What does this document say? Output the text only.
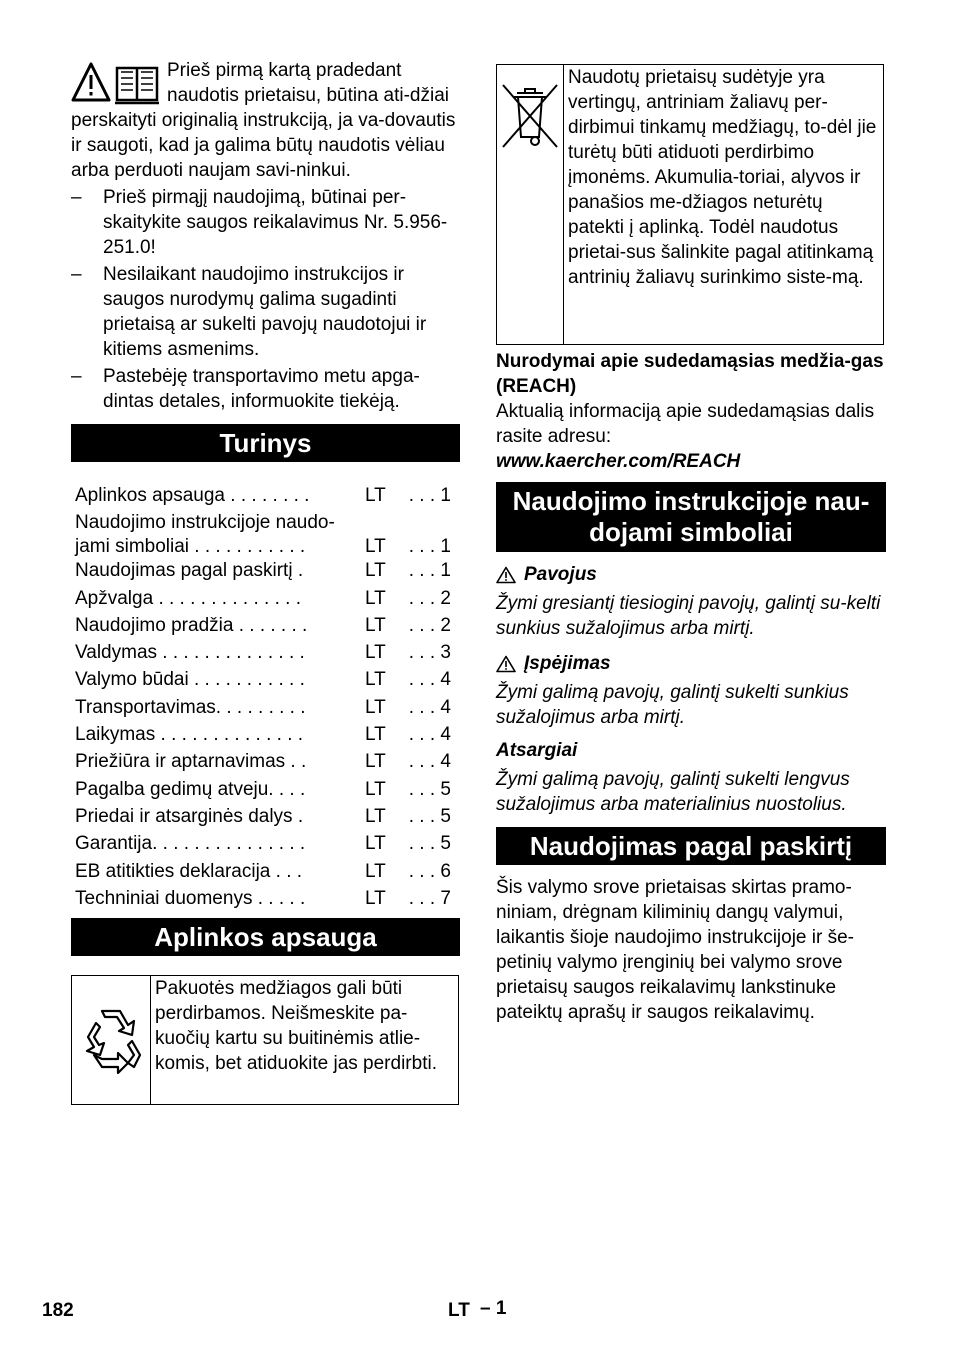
Prieš pirmą kartą pradedant naudotis prietaisu, būtina ati-džiai perskaityti originalią instrukciją, ja va-dovautis ir saugoti, kad ja galima būtų naudotis vėliau arba perduoti naujam savi-ninkui.

– Prieš pirmąjį naudojimą, būtinai per-skaitykite saugos reikalavimus Nr. 5.956-251.0!
– Nesilaikant naudojimo instrukcijos ir saugos nurodymų galima sugadinti prietaisą ar sukelti pavojų naudotojui ir kitiems asmenims.
– Pastebėję transportavimo metu apga-dintas detales, informuokite tiekėją.
Turinys
Aplinkos apsauga . . . . . . . .	LT . . . 1
Naudojimo instrukcijoje naudo-jami simboliai . . . . . . . . . . .	LT . . . 1
Naudojimas pagal paskirtį .	LT . . . 1
Apžvalga . . . . . . . . . . . . . .	LT . . . 2
Naudojimo pradžia . . . . . . .	LT . . . 2
Valdymas . . . . . . . . . . . . . .	LT . . . 3
Valymo būdai . . . . . . . . . . .	LT . . . 4
Transportavimas. . . . . . . . .	LT . . . 4
Laikymas . . . . . . . . . . . . . .	LT . . . 4
Priežiūra ir aptarnavimas . .	LT . . . 4
Pagalba gedimų atveju. . . .	LT . . . 5
Priedai ir atsarginės dalys .	LT . . . 5
Garantija. . . . . . . . . . . . . . .	LT . . . 5
EB atitikties deklaracija . . .	LT . . . 6
Techniniai duomenys . . . . .	LT . . . 7
Aplinkos apsauga
Pakuotės medžiagos gali būti perdirbamos. Neišmeskite pa-kuočių kartu su buitinėmis atlie-komis, bet atiduokite jas perdirbti.
Naudotų prietaisų sudėtyje yra vertingų, antriniam žaliavų per-dirbimui tinkamų medžiagų, to-dėl jie turėtų būti atiduoti perdirbimo įmonėms. Akumulia-toriai, alyvos ir panašios me-džiagos neturėtų patekti į aplinką. Todėl naudotus prietai-sus šalinkite pagal atitinkamą antrinių žaliavų surinkimo siste-mą.
Nurodymai apie sudedamąsias medžia-gas (REACH)
Aktualią informaciją apie sudedamąsias dalis rasite adresu:
www.kaercher.com/REACH
Naudojimo instrukcijoje nau-dojami simboliai
Pavojus
Žymi gresiantį tiesioginį pavojų, galintį su-kelti sunkius sužalojimus arba mirtį.
Įspėjimas
Žymi galimą pavojų, galintį sukelti sunkius sužalojimus arba mirtį.
Atsargiai
Žymi galimą pavojų, galintį sukelti lengvus sužalojimus arba materialinius nuostolius.
Naudojimas pagal paskirtį
Šis valymo srove prietaisas skirtas pramo-niniam, drėgnam kiliminių dangų valymui, laikantis šioje naudojimo instrukcijoje ir še-petinių valymo įrenginių bei valymo srove prietaisų saugos reikalavimų lankstinuke pateiktų aprašų ir saugos reikalavimų.
182	LT – 1
